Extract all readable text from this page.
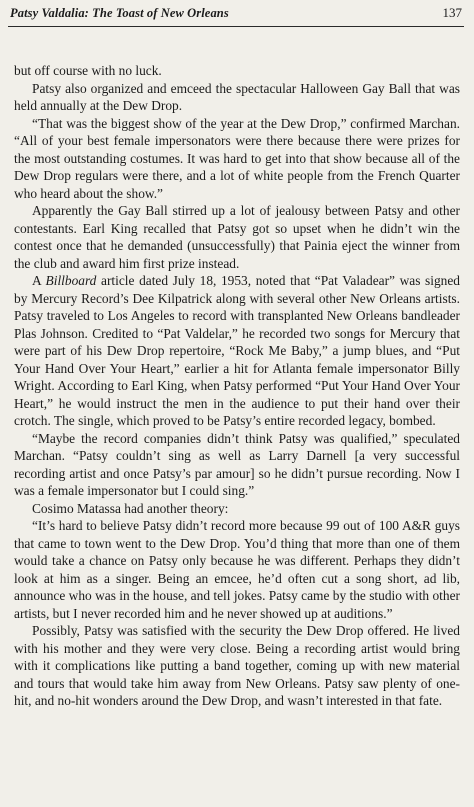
Patsy Valdalia: The Toast of New Orleans	137

but off course with no luck.

Patsy also organized and emceed the spectacular Halloween Gay Ball that was held annually at the Dew Drop.

“That was the biggest show of the year at the Dew Drop,” confirmed Marchan. “All of your best female impersonators were there because there were prizes for the most outstanding costumes. It was hard to get into that show because all of the Dew Drop regulars were there, and a lot of white people from the French Quarter who heard about the show.”

Apparently the Gay Ball stirred up a lot of jealousy between Patsy and other contestants. Earl King recalled that Patsy got so upset when he didn’t win the contest once that he demanded (unsuccessfully) that Painia eject the winner from the club and award him first prize instead.

A Billboard article dated July 18, 1953, noted that “Pat Valadear” was signed by Mercury Record’s Dee Kilpatrick along with several other New Orleans artists. Patsy traveled to Los Angeles to record with transplanted New Orleans bandleader Plas Johnson. Credited to “Pat Valdelar,” he recorded two songs for Mercury that were part of his Dew Drop repertoire, “Rock Me Baby,” a jump blues, and “Put Your Hand Over Your Heart,” earlier a hit for Atlanta female impersonator Billy Wright. According to Earl King, when Patsy performed “Put Your Hand Over Your Heart,” he would instruct the men in the audience to put their hand over their crotch. The single, which proved to be Patsy’s entire recorded legacy, bombed.

“Maybe the record companies didn’t think Patsy was qualified,” speculated Marchan. “Patsy couldn’t sing as well as Larry Darnell [a very successful recording artist and once Patsy’s par amour] so he didn’t pursue recording. Now I was a female impersonator but I could sing.”

Cosimo Matassa had another theory:

“It’s hard to believe Patsy didn’t record more because 99 out of 100 A&R guys that came to town went to the Dew Drop. You’d thing that more than one of them would take a chance on Patsy only because he was different. Perhaps they didn’t look at him as a singer. Being an emcee, he’d often cut a song short, ad lib, announce who was in the house, and tell jokes. Patsy came by the studio with other artists, but I never recorded him and he never showed up at auditions.”

Possibly, Patsy was satisfied with the security the Dew Drop offered. He lived with his mother and they were very close. Being a recording artist would bring with it complications like putting a band together, coming up with new material and tours that would take him away from New Orleans. Patsy saw plenty of one-hit, and no-hit wonders around the Dew Drop, and wasn’t interested in that fate.
